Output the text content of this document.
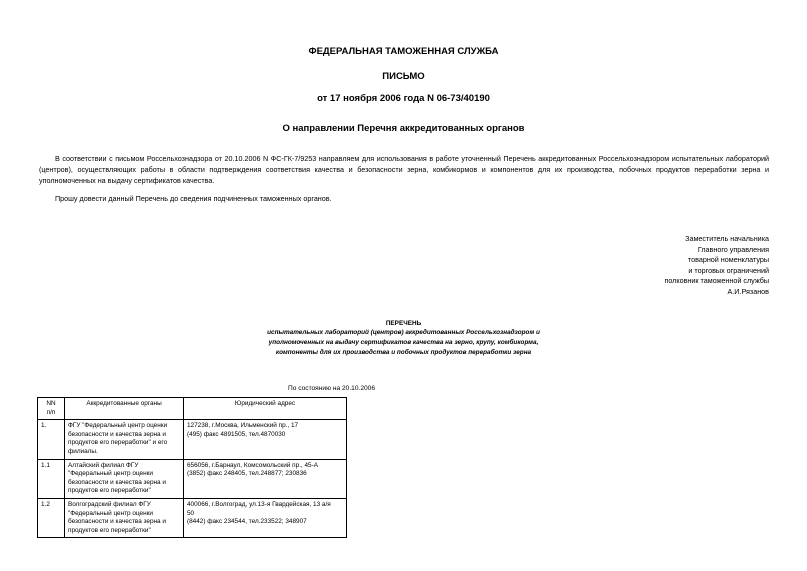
ФЕДЕРАЛЬНАЯ ТАМОЖЕННАЯ СЛУЖБА
ПИСЬМО
от 17 ноября 2006 года N 06-73/40190
О направлении Перечня аккредитованных органов
В соответствии с письмом Россельхознадзора от 20.10.2006 N ФС-ГК-7/9253 направляем для использования в работе уточненный Перечень аккредитованных Россельхознадзором испытательных лабораторий (центров), осуществляющих работы в области подтверждения соответствия качества и безопасности зерна, комбикормов и компонентов для их производства, побочных продуктов переработки зерна и уполномоченных на выдачу сертификатов качества.
Прошу довести данный Перечень до сведения подчиненных таможенных органов.
Заместитель начальника
Главного управления
товарной номенклатуры
и торговых ограничений
полковник таможенной службы
А.И.Рязанов
ПЕРЕЧЕНЬ
испытательных лабораторий (центров) аккредитованных Россельхознадзором и
уполномоченных на выдачу сертификатов качества на зерно, крупу, комбикорма,
компоненты для их производства и побочных продуктов переработки зерна
По состоянию на 20.10.2006
NN
п/п	Аккредитованные органы	Юридический адрес
1.	ФГУ "Федеральный центр оценки
безопасности и качества зерна и
продуктов его переработки" и его
филиалы.	127238, г.Москва, Ильменский пр., 17
(495) факс 4891505, тел.4870030
1.1	Алтайский филиал ФГУ
"Федеральный центр оценки
безопасности и качества зерна и
продуктов его переработки"	656056, г.Барнаул, Комсомольский пр., 45-А
(3852) факс 248405, тел.248877; 230836
1.2	Волгоградский филиал ФГУ
"Федеральный центр оценки
безопасности и качества зерна и
продуктов его переработки"	400066, г.Волгоград, ул.13-я Гвардейская, 13 а/я
50
(8442) факс 234544, тел.233522; 348907
